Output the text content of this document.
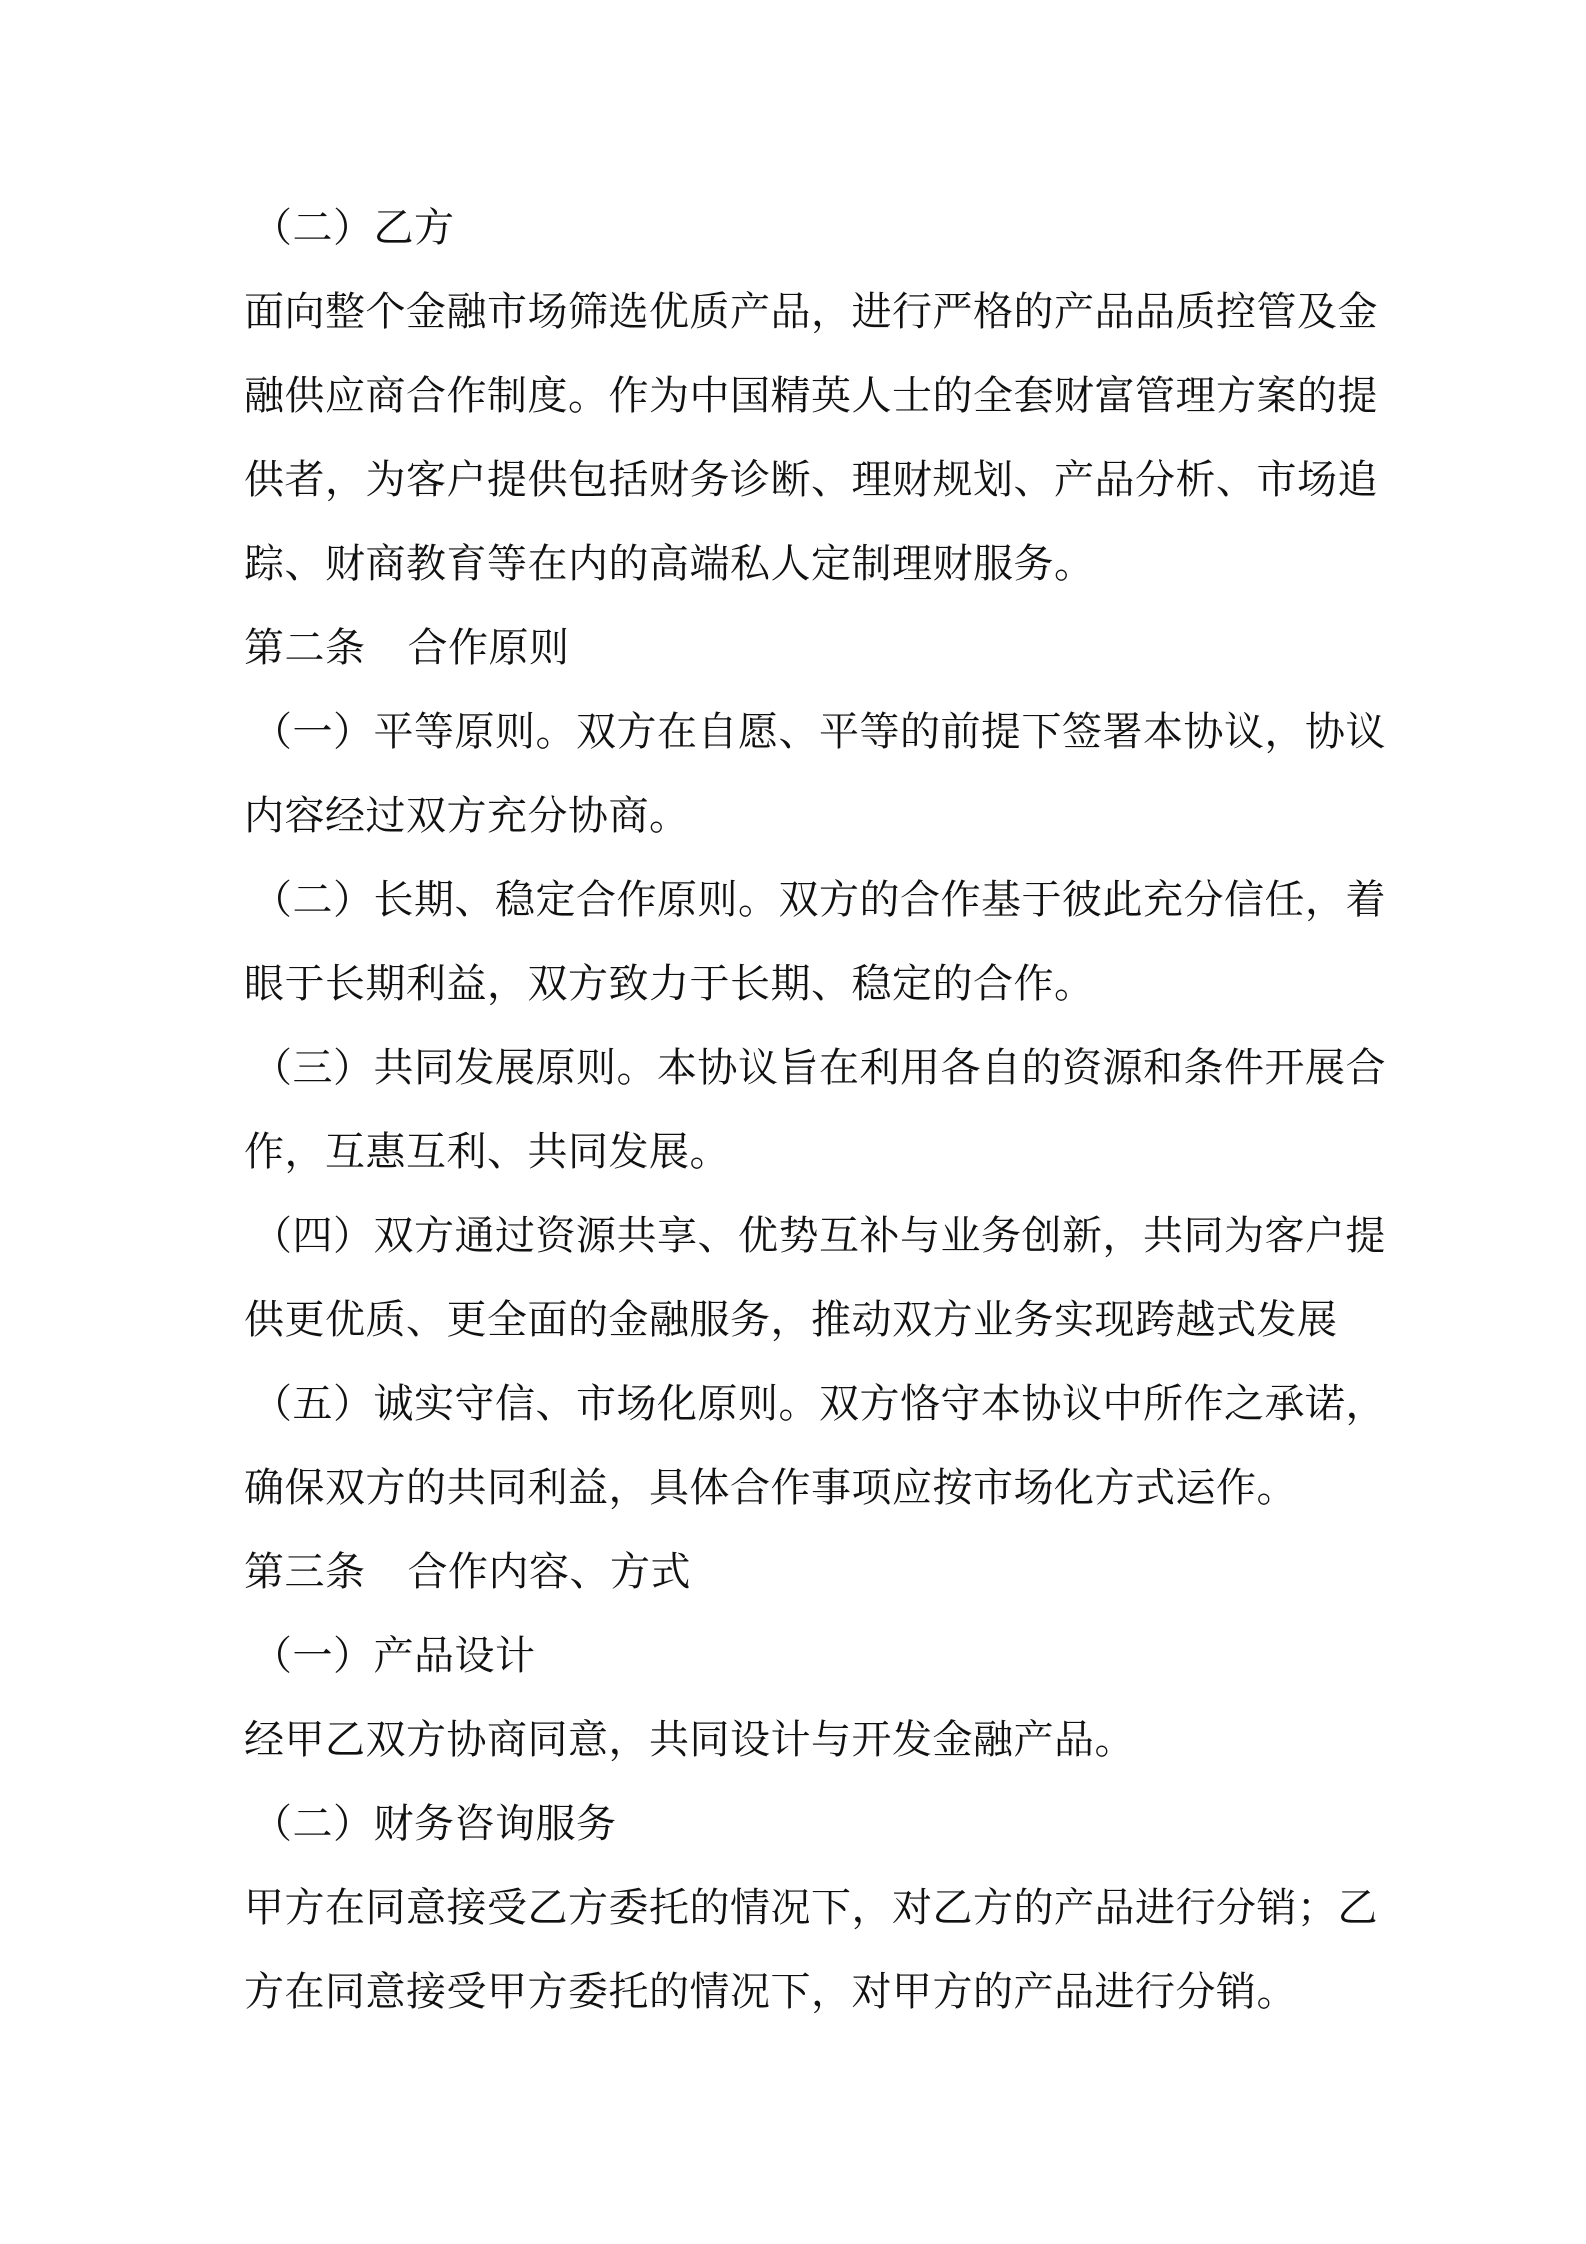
（二）乙方
面向整个金融市场筛选优质产品，进行严格的产品品质控管及金
融供应商合作制度。作为中国精英人士的全套财富管理方案的提
供者，为客户提供包括财务诊断、理财规划、产品分析、市场追
踪、财商教育等在内的高端私人定制理财服务。
第二条 合作原则
（一）平等原则。双方在自愿、平等的前提下签署本协议，协议
内容经过双方充分协商。
（二）长期、稳定合作原则。双方的合作基于彼此充分信任，着
眼于长期利益，双方致力于长期、稳定的合作。
（三）共同发展原则。本协议旨在利用各自的资源和条件开展合
作，互惠互利、共同发展。
（四）双方通过资源共享、优势互补与业务创新，共同为客户提
供更优质、更全面的金融服务，推动双方业务实现跨越式发展
（五）诚实守信、市场化原则。双方恪守本协议中所作之承诺，
确保双方的共同利益，具体合作事项应按市场化方式运作。
第三条 合作内容、方式
（一）产品设计
经甲乙双方协商同意，共同设计与开发金融产品。
（二）财务咨询服务
甲方在同意接受乙方委托的情况下，对乙方的产品进行分销；乙
方在同意接受甲方委托的情况下，对甲方的产品进行分销。
